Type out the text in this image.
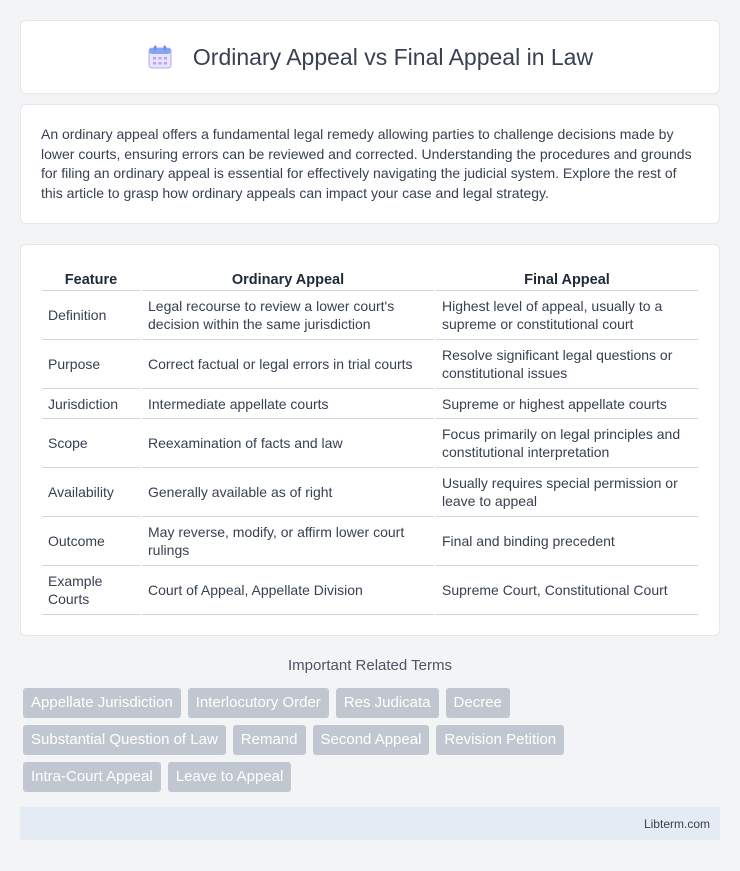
Ordinary Appeal vs Final Appeal in Law

An ordinary appeal offers a fundamental legal remedy allowing parties to challenge decisions made by lower courts, ensuring errors can be reviewed and corrected. Understanding the procedures and grounds for filing an ordinary appeal is essential for effectively navigating the judicial system. Explore the rest of this article to grasp how ordinary appeals can impact your case and legal strategy.

Feature	Ordinary Appeal	Final Appeal
Definition	Legal recourse to review a lower court's decision within the same jurisdiction	Highest level of appeal, usually to a supreme or constitutional court
Purpose	Correct factual or legal errors in trial courts	Resolve significant legal questions or constitutional issues
Jurisdiction	Intermediate appellate courts	Supreme or highest appellate courts
Scope	Reexamination of facts and law	Focus primarily on legal principles and constitutional interpretation
Availability	Generally available as of right	Usually requires special permission or leave to appeal
Outcome	May reverse, modify, or affirm lower court rulings	Final and binding precedent
Example Courts	Court of Appeal, Appellate Division	Supreme Court, Constitutional Court
Important Related Terms
Appellate Jurisdiction	Interlocutory Order	Res Judicata	Decree
Substantial Question of Law	Remand	Second Appeal	Revision Petition
Intra-Court Appeal	Leave to Appeal
Libterm.com
